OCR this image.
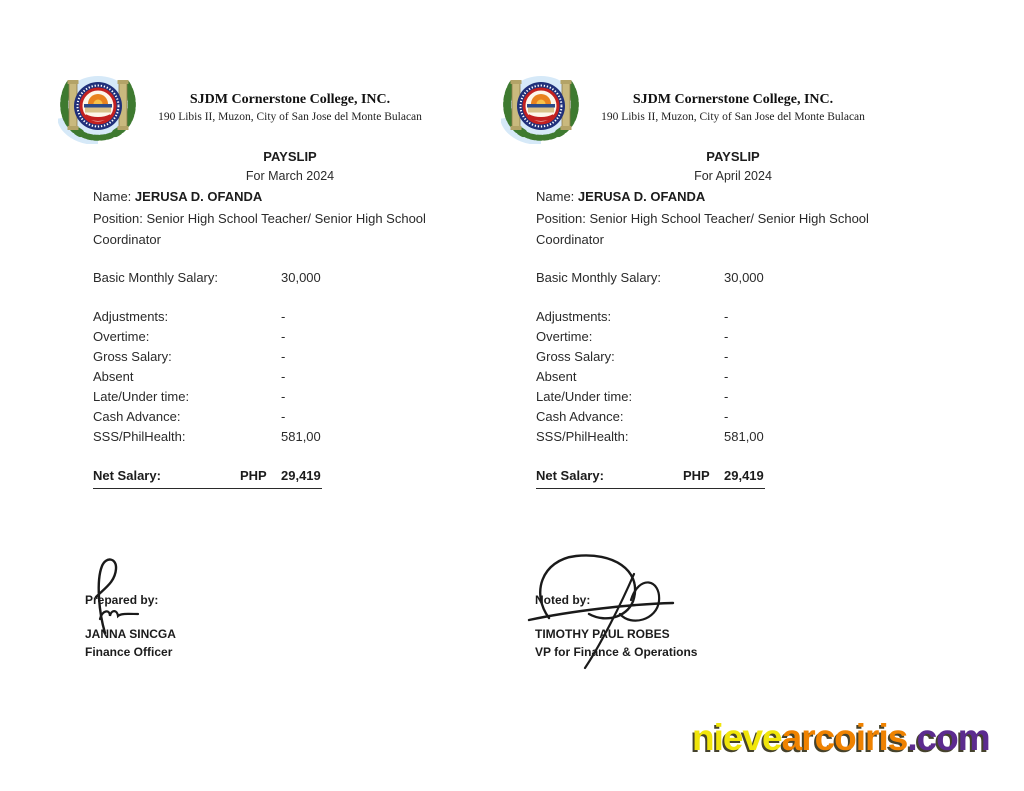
SJDM Cornerstone College, INC.
190 Libis II, Muzon, City of San Jose del Monte Bulacan
PAYSLIP
For March 2024
Name: JERUSA D. OFANDA
Position: Senior High School Teacher/ Senior High School Coordinator
Basic Monthly Salary:	30,000
Adjustments:	-
Overtime:	-
Gross Salary:	-
Absent	-
Late/Under time:	-
Cash Advance:	-
SSS/PhilHealth:	581,00
Net Salary:	PHP 29,419
Prepared by:
JANNA SINCGA
Finance Officer
SJDM Cornerstone College, INC.
190 Libis II, Muzon, City of San Jose del Monte Bulacan
PAYSLIP
For April 2024
Name: JERUSA D. OFANDA
Position: Senior High School Teacher/ Senior High School Coordinator
Basic Monthly Salary:	30,000
Adjustments:	-
Overtime:	-
Gross Salary:	-
Absent	-
Late/Under time:	-
Cash Advance:	-
SSS/PhilHealth:	581,00
Net Salary:	PHP 29,419
Noted by:
TIMOTHY PAUL ROBES
VP for Finance & Operations
nievearcoiris.com
